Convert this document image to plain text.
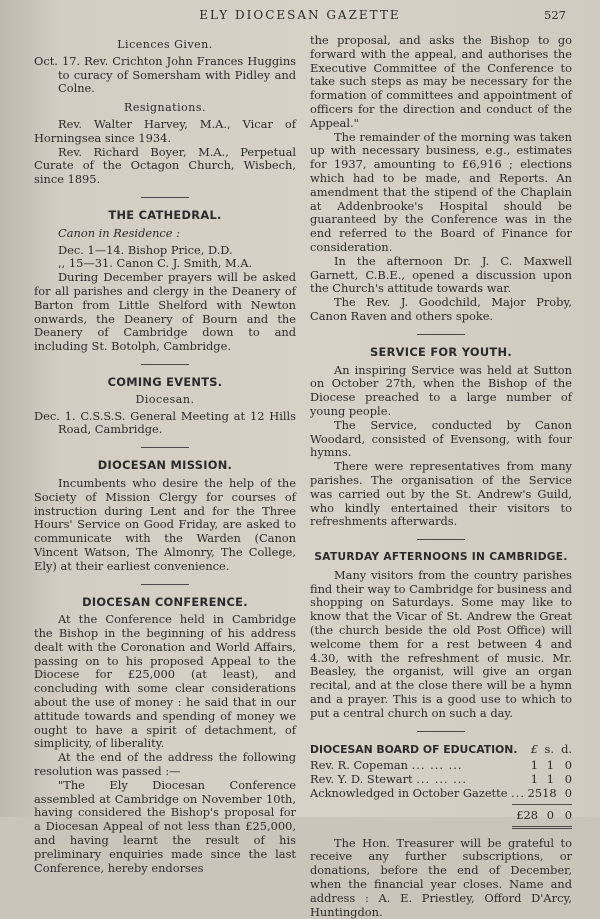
ELY DIOCESAN GAZETTE	527
Licences Given.

Oct. 17. Rev. Crichton John Frances Huggins to curacy of Somersham with Pidley and Colne.

Resignations.

Rev. Walter Harvey, M.A., Vicar of Horningsea since 1934.

Rev. Richard Boyer, M.A., Perpetual Curate of the Octagon Church, Wisbech, since 1895.

THE CATHEDRAL.
Canon in Residence :
Dec. 1—14. Bishop Price, D.D.
,, 15—31. Canon C. J. Smith, M.A.

During December prayers will be asked for all parishes and clergy in the Deanery of Barton from Little Shelford with Newton onwards, the Deanery of Bourn and the Deanery of Cambridge down to and including St. Botolph, Cambridge.

COMING EVENTS.
Diocesan.

Dec. 1. C.S.S.S. General Meeting at 12 Hills Road, Cambridge.

DIOCESAN MISSION.

Incumbents who desire the help of the Society of Mission Clergy for courses of instruction during Lent and for the Three Hours' Service on Good Friday, are asked to communicate with the Warden (Canon Vincent Watson, The Almonry, The College, Ely) at their earliest convenience.

DIOCESAN CONFERENCE.

At the Conference held in Cambridge the Bishop in the beginning of his address dealt with the Coronation and World Affairs, passing on to his proposed Appeal to the Diocese for £25,000 (at least), and concluding with some clear considerations about the use of money : he said that in our attitude towards and spending of money we ought to have a spirit of detachment, of simplicity, of liberality.

At the end of the address the following resolution was passed :—

"The Ely Diocesan Conference assembled at Cambridge on November 10th, having considered the Bishop's proposal for a Diocesan Appeal of not less than £25,000, and having learnt the result of his preliminary enquiries made since the last Conference, hereby endorses

the proposal, and asks the Bishop to go forward with the appeal, and authorises the Executive Committee of the Conference to take such steps as may be necessary for the formation of committees and appointment of officers for the direction and conduct of the Appeal."

The remainder of the morning was taken up with necessary business, e.g., estimates for 1937, amounting to £6,916 ; elections which had to be made, and Reports. An amendment that the stipend of the Chaplain at Addenbrooke's Hospital should be guaranteed by the Conference was in the end referred to the Board of Finance for consideration.

In the afternoon Dr. J. C. Maxwell Garnett, C.B.E., opened a discussion upon the Church's attitude towards war.

The Rev. J. Goodchild, Major Proby, Canon Raven and others spoke.

SERVICE FOR YOUTH.

An inspiring Service was held at Sutton on October 27th, when the Bishop of the Diocese preached to a large number of young people.

The Service, conducted by Canon Woodard, consisted of Evensong, with four hymns.

There were representatives from many parishes. The organisation of the Service was carried out by the St. Andrew's Guild, who kindly entertained their visitors to refreshments afterwards.

SATURDAY AFTERNOONS IN CAMBRIDGE.

Many visitors from the country parishes find their way to Cambridge for business and shopping on Saturdays. Some may like to know that the Vicar of St. Andrew the Great (the church beside the old Post Office) will welcome them for a rest between 4 and 4.30, with the refreshment of music. Mr. Beasley, the organist, will give an organ recital, and at the close there will be a hymn and a prayer. This is a good use to which to put a central church on such a day.

DIOCESAN BOARD OF EDUCATION.	£ s. d.
Rev. R. Copeman ... ... ...	1 1 0
Rev. Y. D. Stewart ... ... ...	1 1 0
Acknowledged in October Gazette ... 25 18 0
£28 0 0

The Hon. Treasurer will be grateful to receive any further subscriptions, or donations, before the end of December, when the financial year closes. Name and address : A. E. Priestley, Offord D'Arcy, Huntingdon.
